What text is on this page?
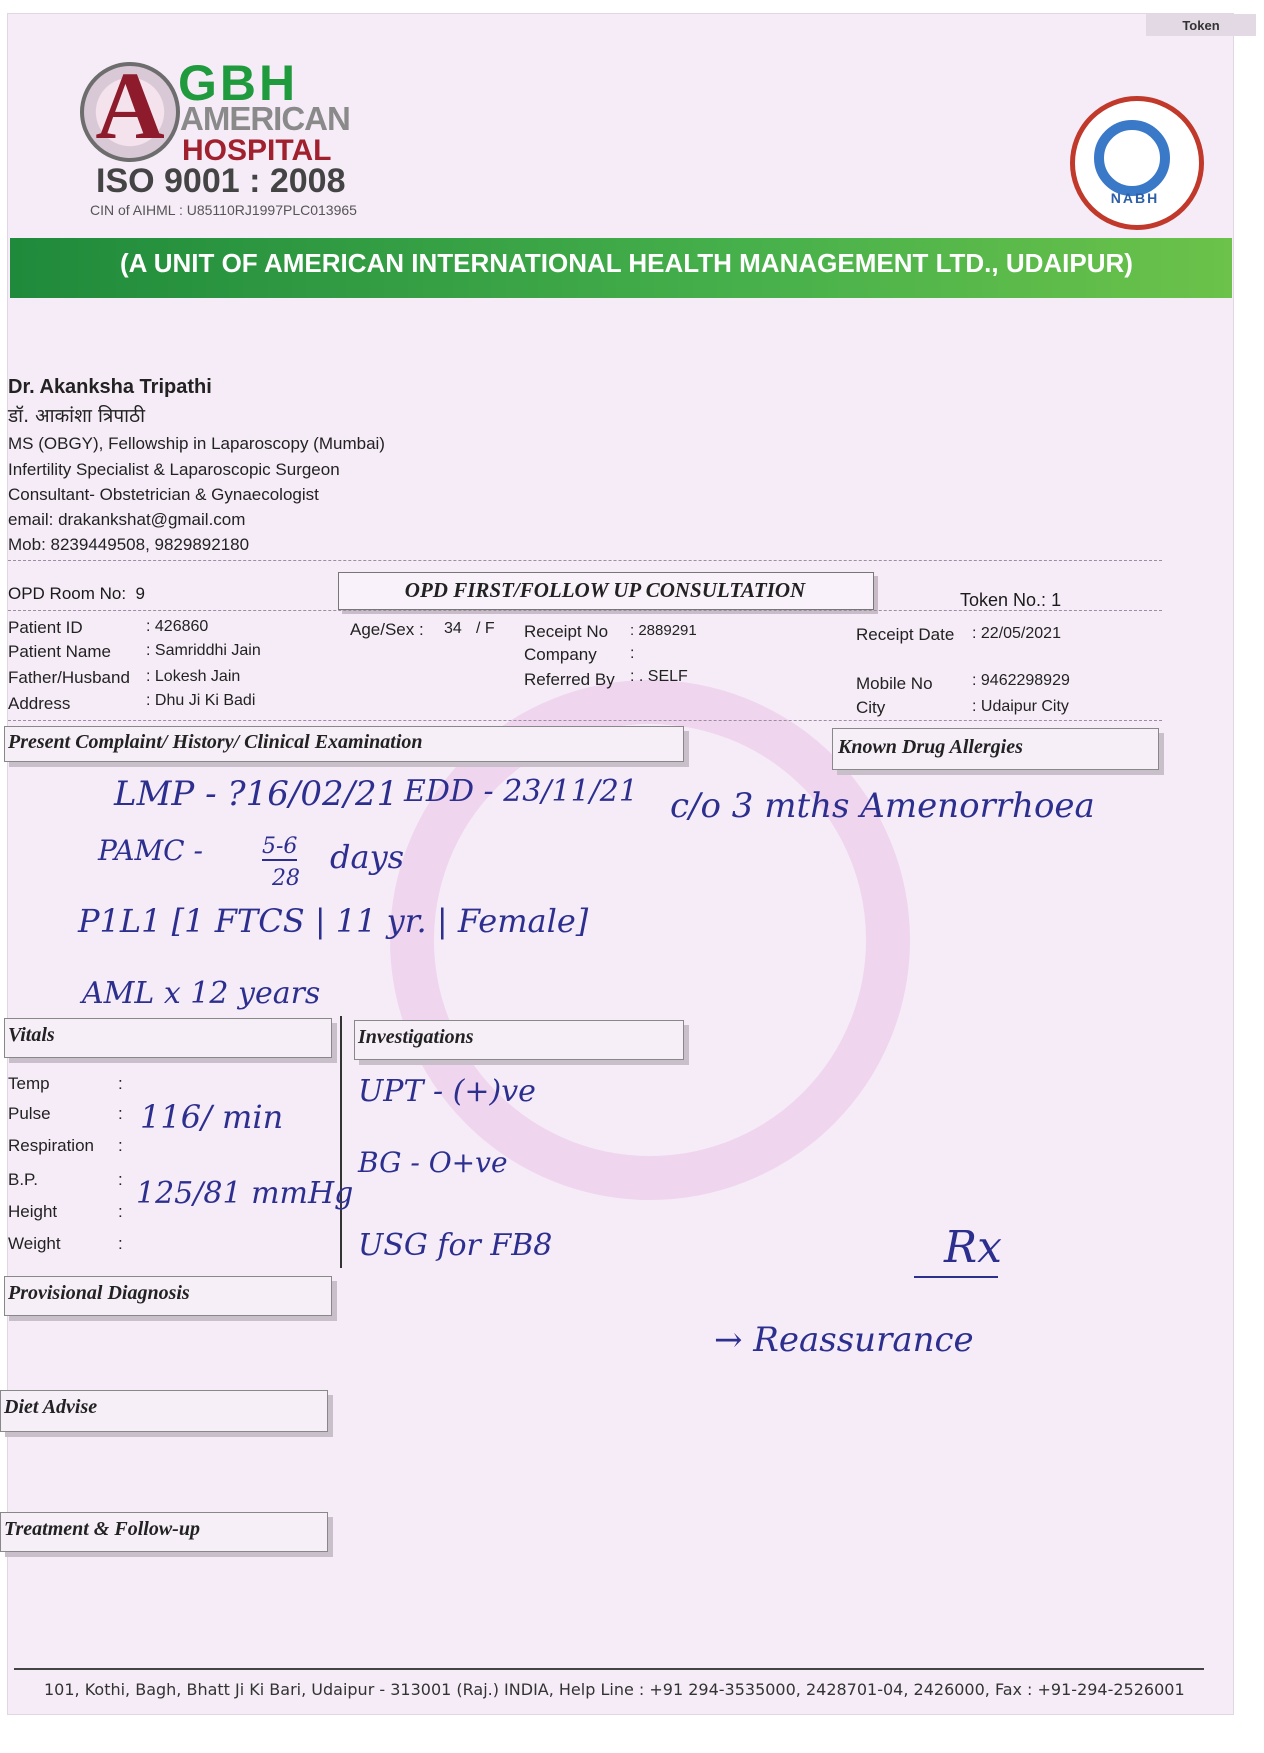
Token
A GBH
AMERICAN
HOSPITAL
ISO 9001 : 2008
CIN of AIHML : U85110RJ1997PLC013965
NABH
(A UNIT OF AMERICAN INTERNATIONAL HEALTH MANAGEMENT LTD., UDAIPUR)
Dr. Akanksha Tripathi
डॉ. आकांशा त्रिपाठी
MS (OBGY), Fellowship in Laparoscopy (Mumbai)
Infertility Specialist & Laparoscopic Surgeon
Consultant- Obstetrician & Gynaecologist
email: drakankshat@gmail.com
Mob: 8239449508, 9829892180
OPD Room No: 9	OPD FIRST/FOLLOW UP CONSULTATION	Token No.: 1
Patient ID	: 426860
Patient Name : Samriddhi Jain
Father/Husband : Lokesh Jain
Address	: Dhu Ji Ki Badi
Age/Sex : 34 / F Receipt No : 2889291
Company :
Referred By : . SELF
Receipt Date : 22/05/2021
Mobile No : 9462298929
City	: Udaipur City
Present Complaint/ History/ Clinical Examination	Known Drug Allergies
Vitals	Investigations
Temp	:
Pulse	:
Respiration :
B.P.	:
Height	:
Weight	:
Provisional Diagnosis
Diet Advise
Treatment & Follow-up
LMP - ?16/02/21 EDD - 23/11/21 c/o 3 mths Amenorrhoea
PAMC -	5-6
28
days
P1L1 [1 FTCS | 11 yr. | Female]
AML x 12 years
116/ min
125/81 mmHg
UPT - (+)ve
BG - O+ve
USG for FB8	Rx
→ Reassurance
101, Kothi, Bagh, Bhatt Ji Ki Bari, Udaipur - 313001 (Raj.) INDIA, Help Line : +91 294-3535000, 2428701-04, 2426000, Fax : +91-294-2526001
